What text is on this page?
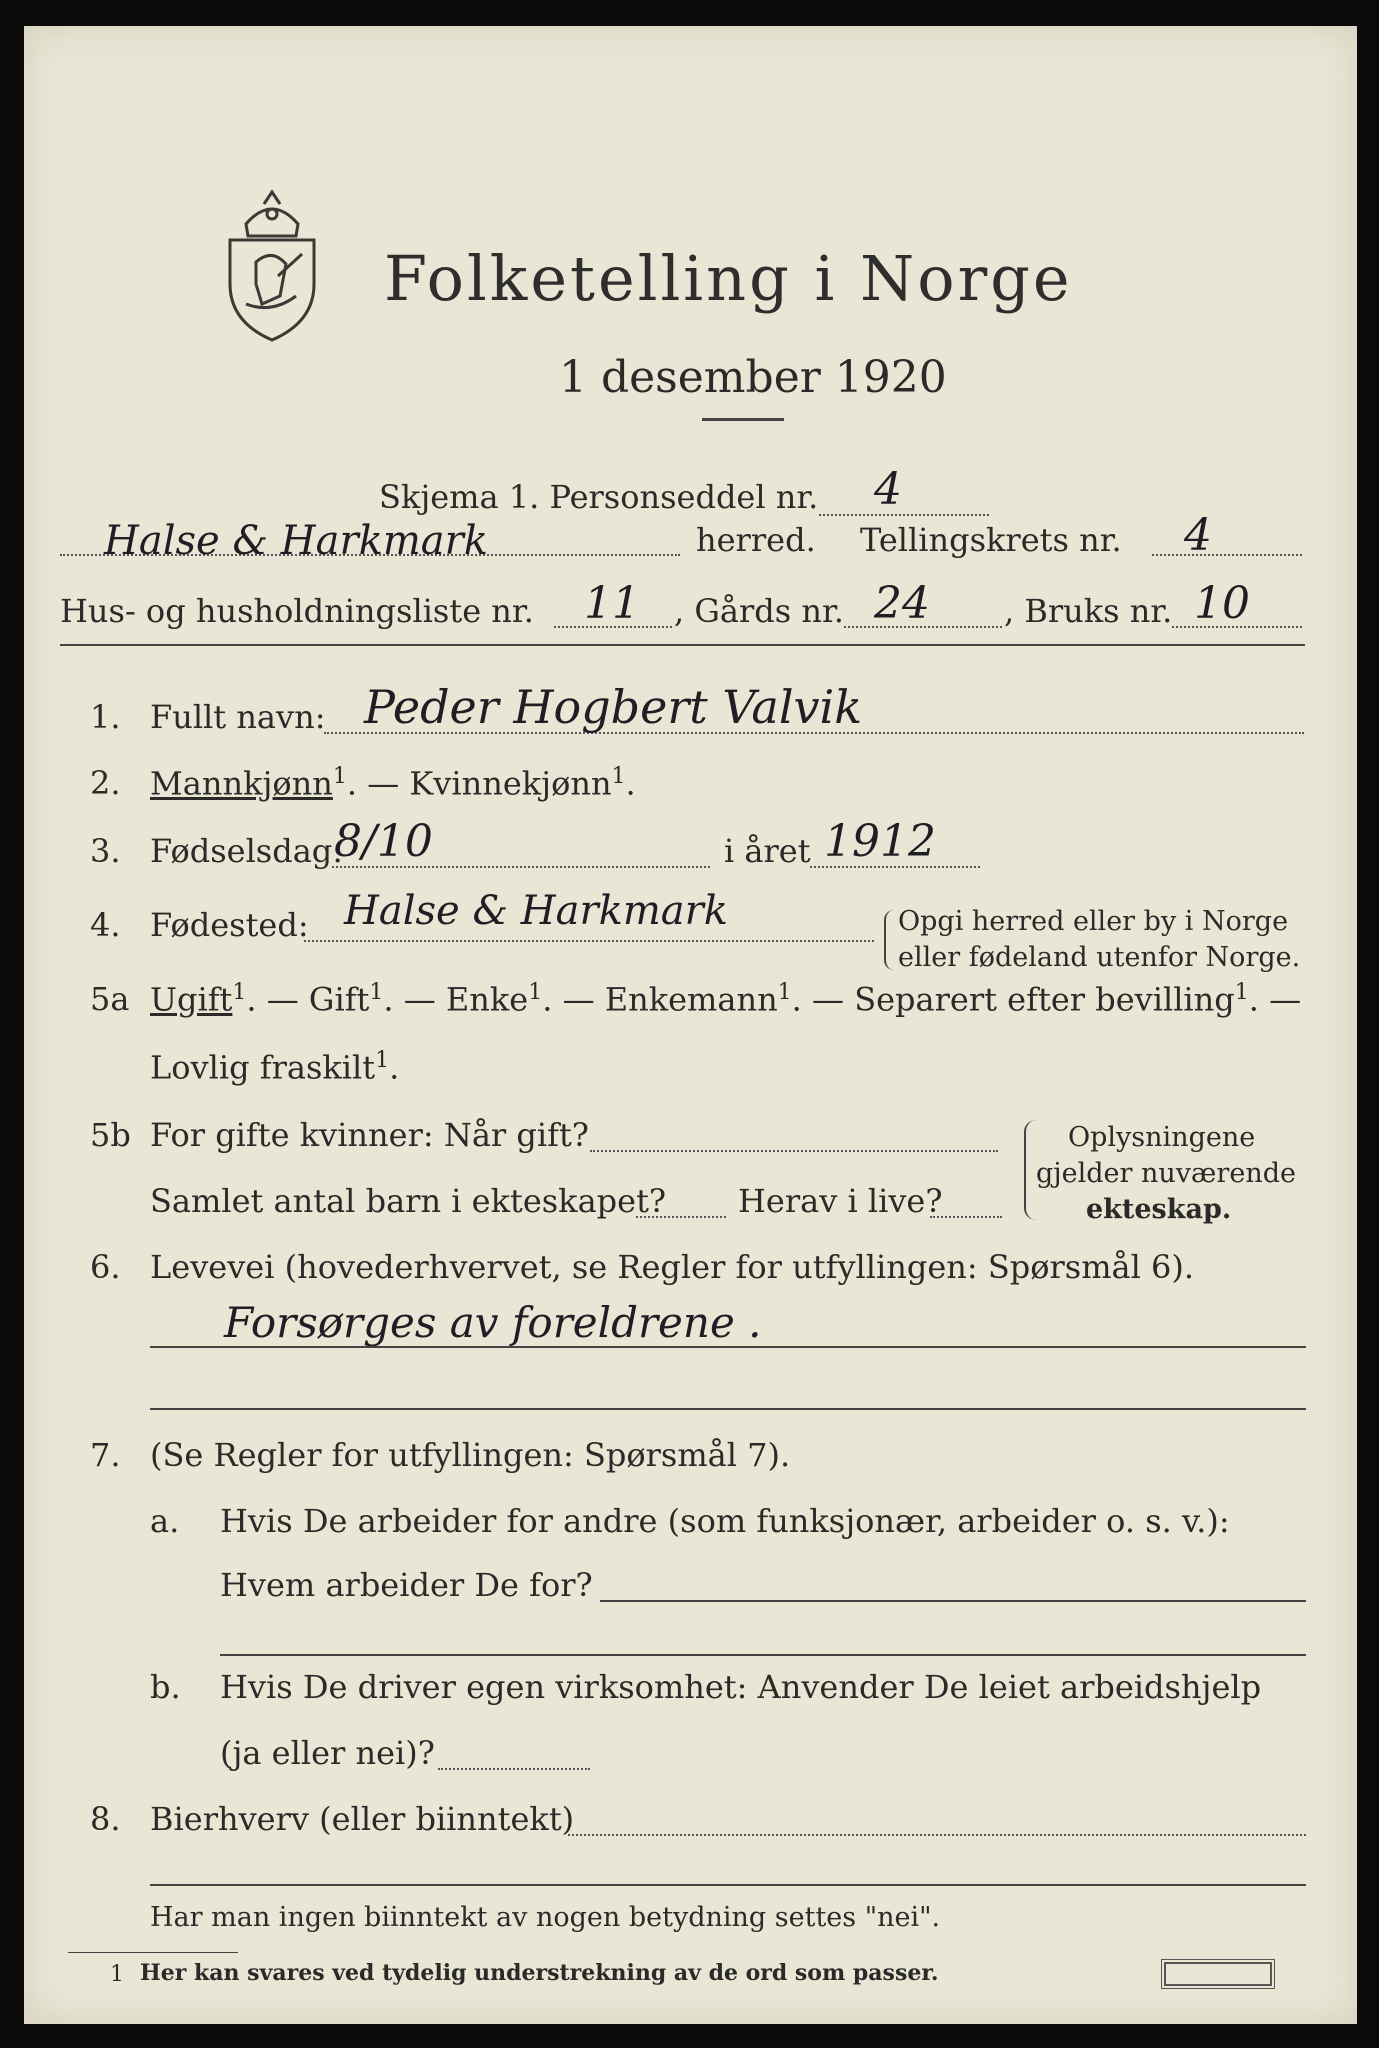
Folketelling i Norge
1 desember 1920
Skjema 1. Personseddel nr. 4
Halse & Harkmark	herred. Tellingskrets nr. 4
Hus- og husholdningsliste nr. 11 , Gårds nr. 24 , Bruks nr. 10
1. Fullt navn: Peder Hogbert Valvik
2. Mannkjønn$^1$. — Kvinnekjønn$^1$.
3. Fødselsdag:
8/10	i året 1912
4. Fødested: Halse & Harkmark	Opgi herred eller by i Norge
eller fødeland utenfor Norge.
5a Ugift$^1$. — Gift$^1$. — Enke$^1$. — Enkemann$^1$. — Separert efter bevilling$^1$. —
Lovlig fraskilt$^1$.
5b For gifte kvinner: Når gift?
Samlet antal barn i ekteskapet? Herav i live?
Oplysningene
gjelder nuværende
ekteskap.
6. Levevei (hovederhvervet, se Regler for utfyllingen: Spørsmål 6).
Forsørges av foreldrene .
7. (Se Regler for utfyllingen: Spørsmål 7).
a. Hvis De arbeider for andre (som funksjonær, arbeider o. s. v.):
Hvem arbeider De for?
b. Hvis De driver egen virksomhet: Anvender De leiet arbeidshjelp
(ja eller nei)?
8. Bierhverv (eller biinntekt)
Har man ingen biinntekt av nogen betydning settes "nei".
1 Her kan svares ved tydelig understrekning av de ord som passer.
